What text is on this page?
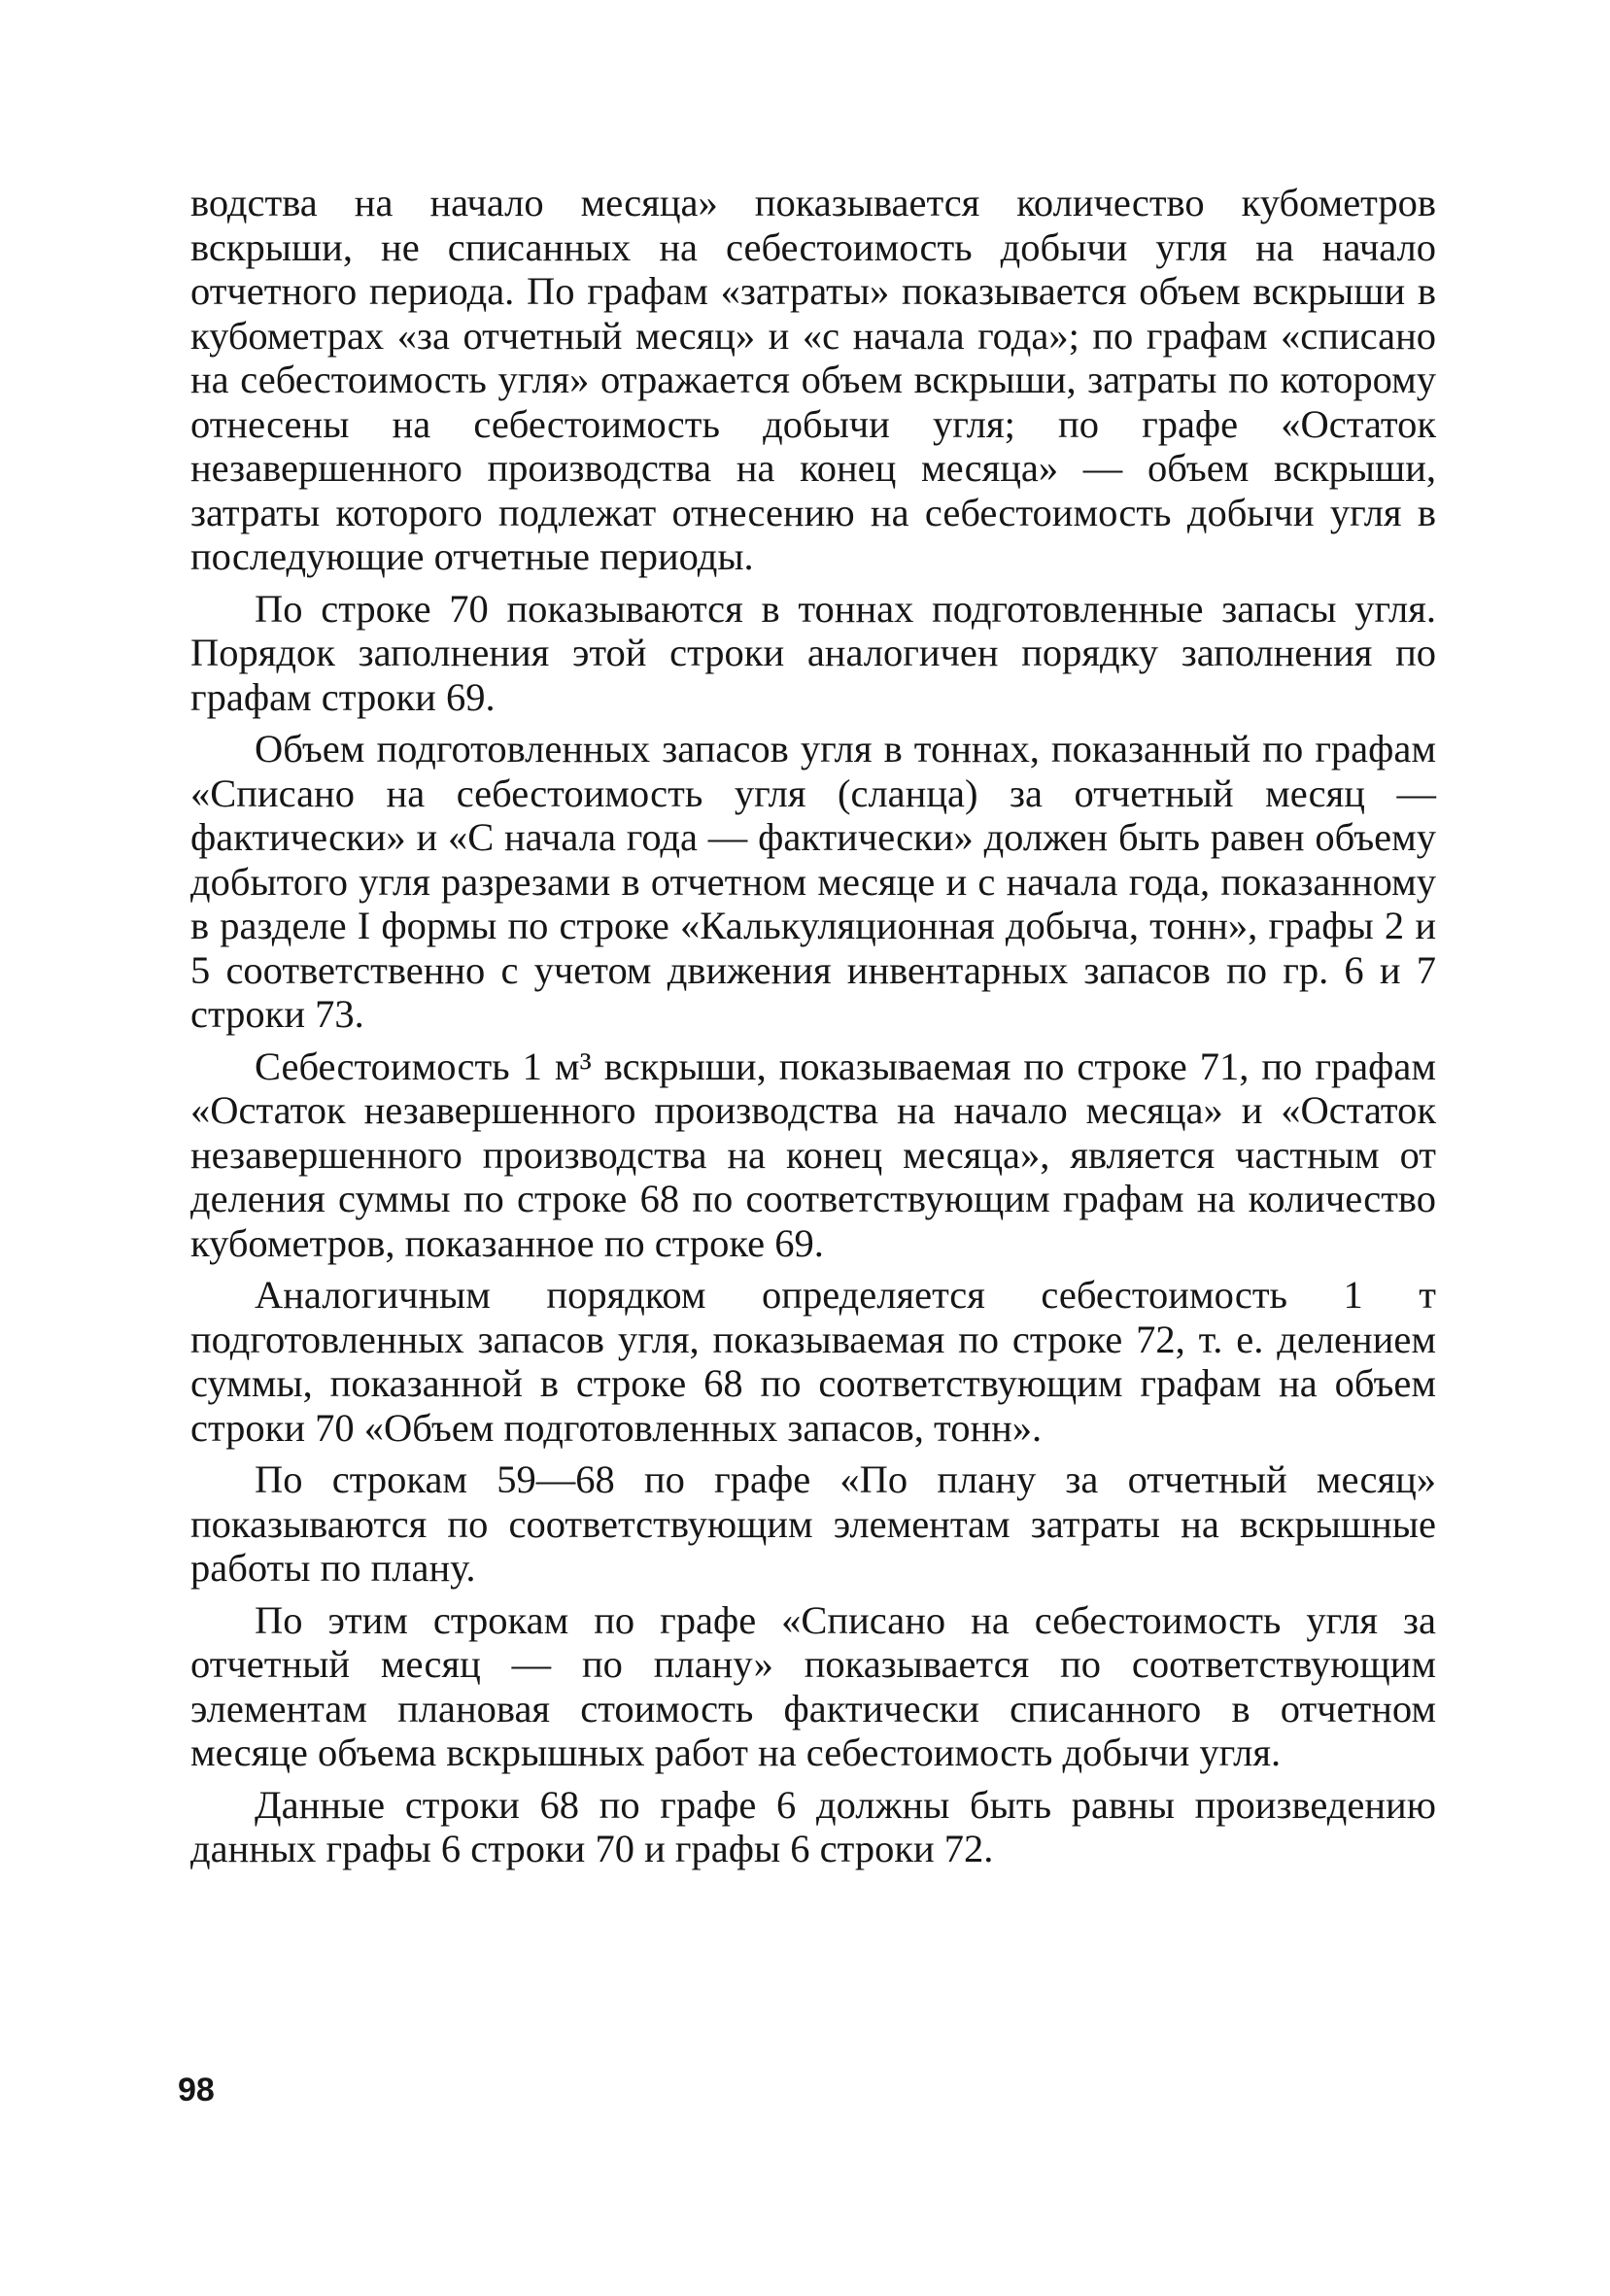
водства на начало месяца» показывается количество кубометров вскрыши, не списанных на себестоимость добычи угля на начало отчетного периода. По графам «затраты» показывается объем вскрыши в кубометрах «за отчетный месяц» и «с начала года»; по графам «списано на себестоимость угля» отражается объем вскрыши, затраты по которому отнесены на себестоимость добычи угля; по графе «Остаток незавершенного производства на конец месяца» — объем вскрыши, затраты которого подлежат отнесению на себестоимость добычи угля в последующие отчетные периоды.

По строке 70 показываются в тоннах подготовленные запасы угля. Порядок заполнения этой строки аналогичен порядку заполнения по графам строки 69.

Объем подготовленных запасов угля в тоннах, показанный по графам «Списано на себестоимость угля (сланца) за отчетный месяц — фактически» и «С начала года — фактически» должен быть равен объему добытого угля разрезами в отчетном месяце и с начала года, показанному в разделе I формы по строке «Калькуляционная добыча, тонн», графы 2 и 5 соответственно с учетом движения инвентарных запасов по гр. 6 и 7 строки 73.

Себестоимость 1 м³ вскрыши, показываемая по строке 71, по графам «Остаток незавершенного производства на начало месяца» и «Остаток незавершенного производства на конец месяца», является частным от деления суммы по строке 68 по соответствующим графам на количество кубометров, показанное по строке 69.

Аналогичным порядком определяется себестоимость 1 т подготовленных запасов угля, показываемая по строке 72, т. е. делением суммы, показанной в строке 68 по соответствующим графам на объем строки 70 «Объем подготовленных запасов, тонн».

По строкам 59—68 по графе «По плану за отчетный месяц» показываются по соответствующим элементам затраты на вскрышные работы по плану.

По этим строкам по графе «Списано на себестоимость угля за отчетный месяц — по плану» показывается по соответствующим элементам плановая стоимость фактически списанного в отчетном месяце объема вскрышных работ на себестоимость добычи угля.

Данные строки 68 по графе 6 должны быть равны произведению данных графы 6 строки 70 и графы 6 строки 72.

98
